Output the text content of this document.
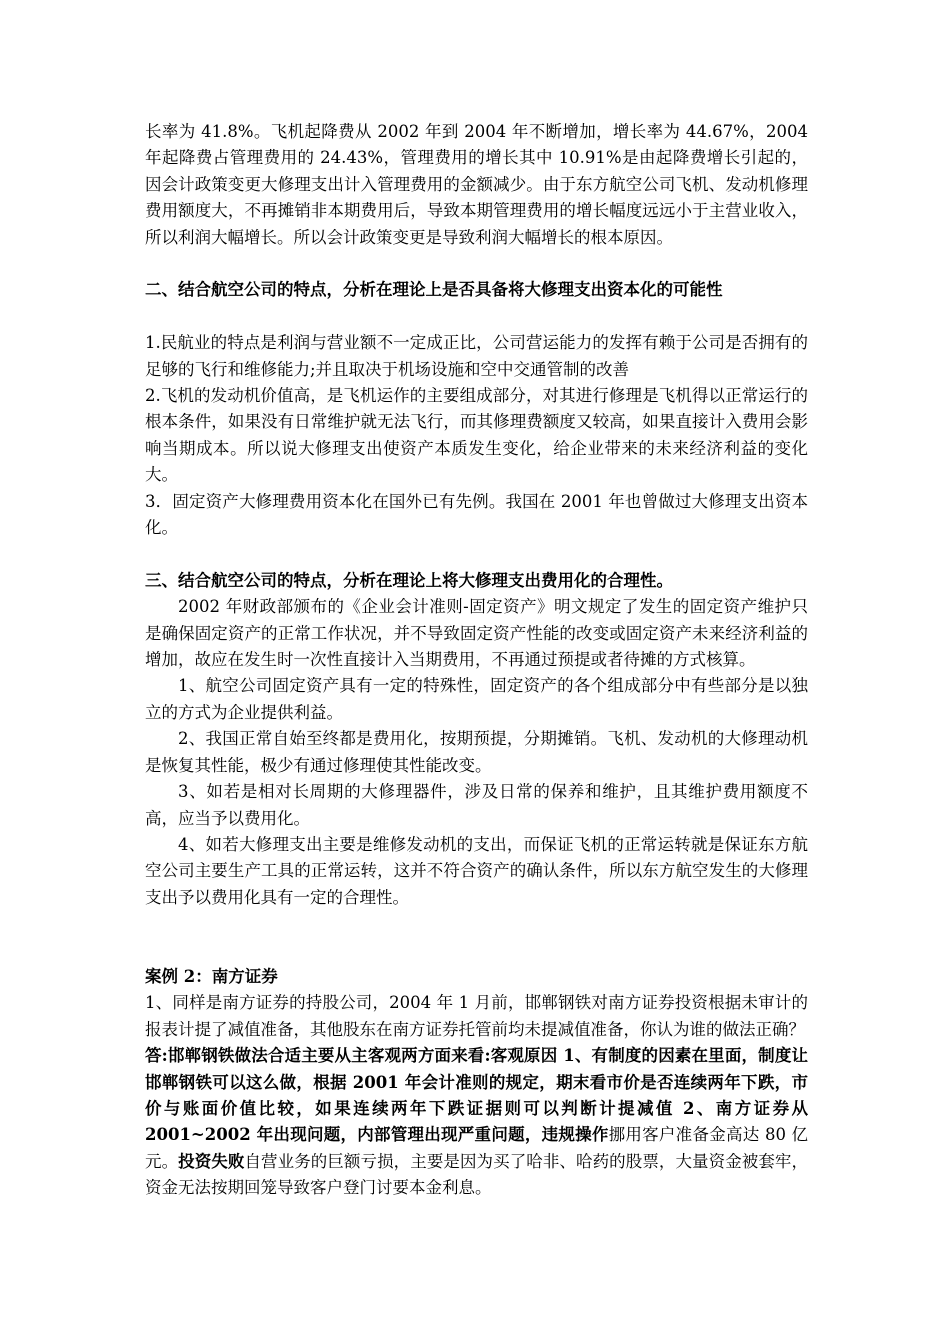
长率为 41.8%。飞机起降费从 2002 年到 2004 年不断增加，增长率为 44.67%，2004 年起降费占管理费用的 24.43%，管理费用的增长其中 10.91%是由起降费增长引起的，因会计政策变更大修理支出计入管理费用的金额减少。由于东方航空公司飞机、发动机修理费用额度大，不再摊销非本期费用后，导致本期管理费用的增长幅度远远小于主营业收入，所以利润大幅增长。所以会计政策变更是导致利润大幅增长的根本原因。

二、结合航空公司的特点，分析在理论上是否具备将大修理支出资本化的可能性

1.民航业的特点是利润与营业额不一定成正比，公司营运能力的发挥有赖于公司是否拥有的足够的飞行和维修能力;并且取决于机场设施和空中交通管制的改善

2.飞机的发动机价值高，是飞机运作的主要组成部分，对其进行修理是飞机得以正常运行的根本条件，如果没有日常维护就无法飞行，而其修理费额度又较高，如果直接计入费用会影响当期成本。所以说大修理支出使资产本质发生变化，给企业带来的未来经济利益的变化大。

3．固定资产大修理费用资本化在国外已有先例。我国在 2001 年也曾做过大修理支出资本化。

三、结合航空公司的特点，分析在理论上将大修理支出费用化的合理性。

2002 年财政部颁布的《企业会计准则-固定资产》明文规定了发生的固定资产维护只是确保固定资产的正常工作状况，并不导致固定资产性能的改变或固定资产未来经济利益的增加，故应在发生时一次性直接计入当期费用，不再通过预提或者待摊的方式核算。

1、航空公司固定资产具有一定的特殊性，固定资产的各个组成部分中有些部分是以独立的方式为企业提供利益。

2、我国正常自始至终都是费用化，按期预提，分期摊销。飞机、发动机的大修理动机是恢复其性能，极少有通过修理使其性能改变。

3、如若是相对长周期的大修理器件，涉及日常的保养和维护，且其维护费用额度不高，应当予以费用化。

4、如若大修理支出主要是维修发动机的支出，而保证飞机的正常运转就是保证东方航空公司主要生产工具的正常运转，这并不符合资产的确认条件，所以东方航空发生的大修理支出予以费用化具有一定的合理性。

案例 2：南方证券

1、同样是南方证券的持股公司，2004 年 1 月前，邯郸钢铁对南方证券投资根据未审计的报表计提了减值准备，其他股东在南方证券托管前均未提减值准备，你认为谁的做法正确？

答:邯郸钢铁做法合适主要从主客观两方面来看:客观原因 1、有制度的因素在里面，制度让邯郸钢铁可以这么做，根据 2001 年会计准则的规定，期末看市价是否连续两年下跌，市价与账面价值比较，如果连续两年下跌证据则可以判断计提减值 2、南方证券从 2001~2002 年出现问题，内部管理出现严重问题，违规操作挪用客户准备金高达 80 亿元。投资失败自营业务的巨额亏损，主要是因为买了哈非、哈药的股票，大量资金被套牢，资金无法按期回笼导致客户登门讨要本金利息。
